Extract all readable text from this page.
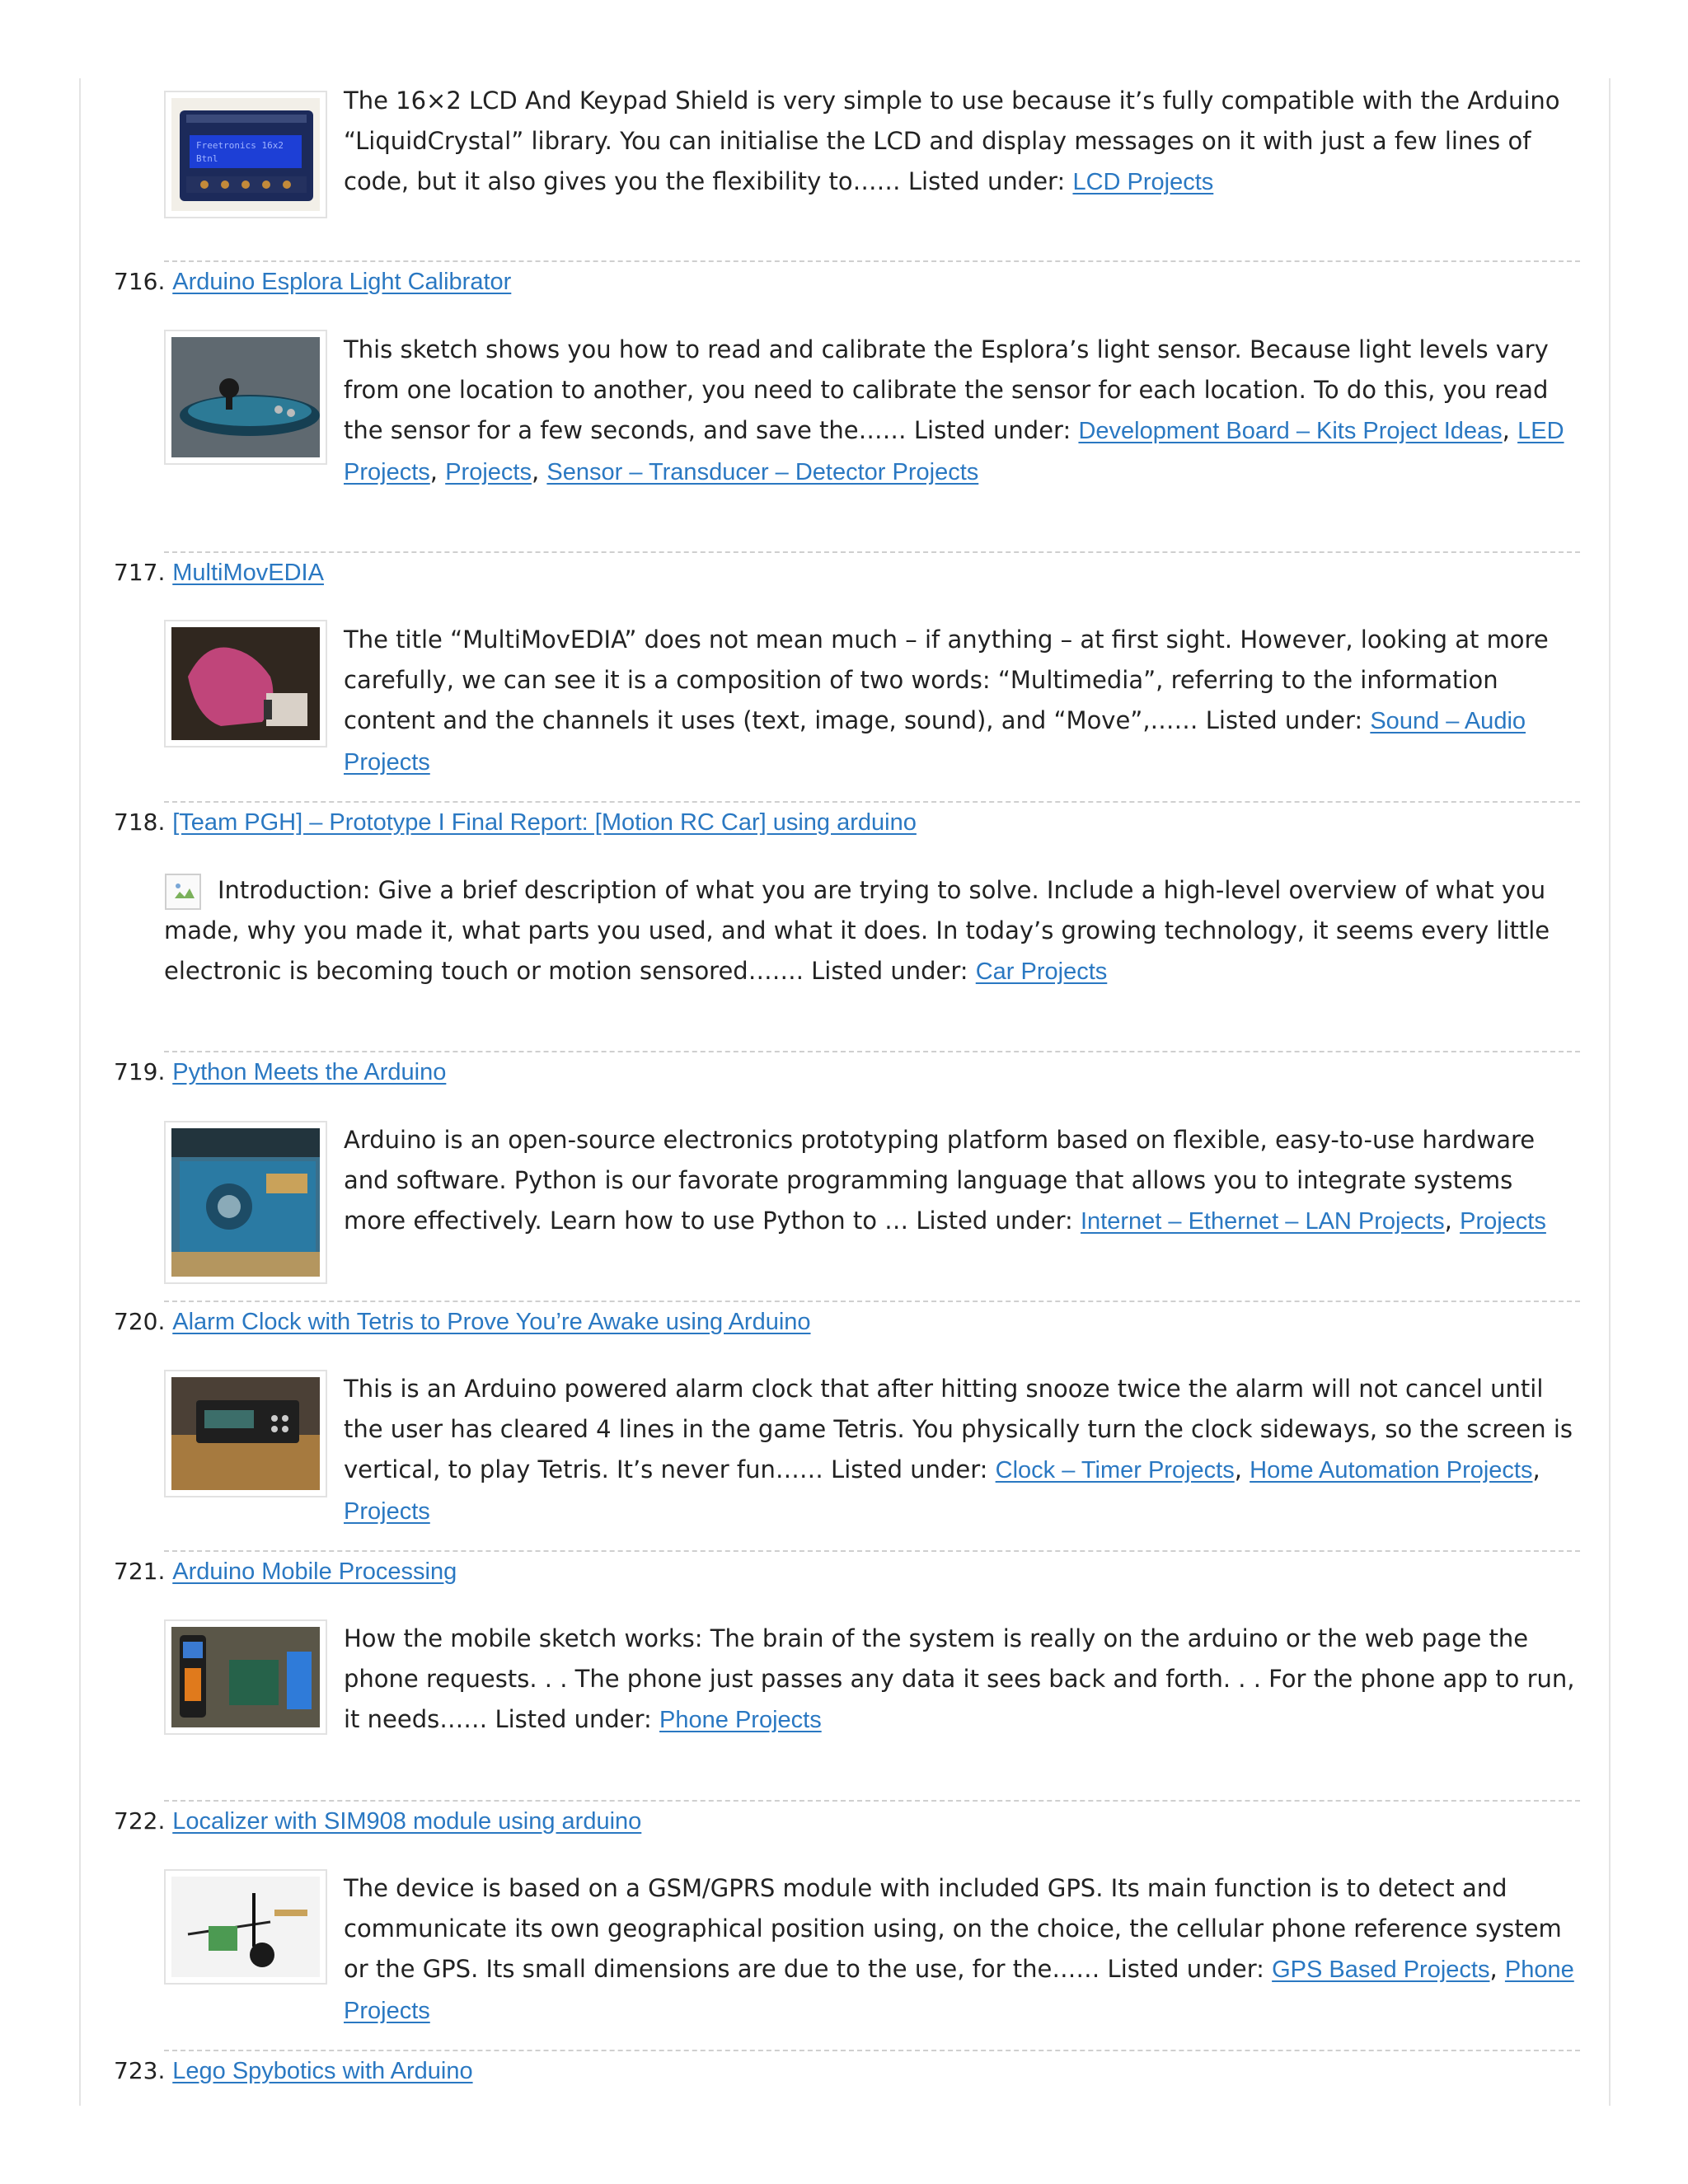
Freetronics 16x2
Btnl
The 16×2 LCD And Keypad Shield is very simple to use because it’s fully compatible with the Arduino “LiquidCrystal” library. You can initialise the LCD and display messages on it with just a few lines of code, but it also gives you the flexibility to…… Listed under: LCD Projects
716. Arduino Esplora Light Calibrator
This sketch shows you how to read and calibrate the Esplora’s light sensor. Because light levels vary from one location to another, you need to calibrate the sensor for each location. To do this, you read the sensor for a few seconds, and save the…… Listed under: Development Board – Kits Project Ideas, LED Projects, Projects, Sensor – Transducer – Detector Projects
717. MultiMovEDIA
The title “MultiMovEDIA” does not mean much – if anything – at first sight. However, looking at more carefully, we can see it is a composition of two words: “Multimedia”, referring to the information content and the channels it uses (text, image, sound), and “Move”,…… Listed under: Sound – Audio Projects
718. [Team PGH] – Prototype I Final Report: [Motion RC Car] using arduino
Introduction: Give a brief description of what you are trying to solve. Include a high-level overview of what you made, why you made it, what parts you used, and what it does. In today’s growing technology, it seems every little electronic is becoming touch or motion sensored……. Listed under: Car Projects
719. Python Meets the Arduino
Arduino is an open-source electronics prototyping platform based on flexible, easy-to-use hardware and software. Python is our favorate programming language that allows you to integrate systems more effectively. Learn how to use Python to … Listed under: Internet – Ethernet – LAN Projects, Projects
720. Alarm Clock with Tetris to Prove You’re Awake using Arduino
This is an Arduino powered alarm clock that after hitting snooze twice the alarm will not cancel until the user has cleared 4 lines in the game Tetris. You physically turn the clock sideways, so the screen is vertical, to play Tetris. It’s never fun…… Listed under: Clock – Timer Projects, Home Automation Projects, Projects
721. Arduino Mobile Processing
How the mobile sketch works: The brain of the system is really on the arduino or the web page the phone requests. . . The phone just passes any data it sees back and forth. . . For the phone app to run, it needs…… Listed under: Phone Projects
722. Localizer with SIM908 module using arduino
The device is based on a GSM/GPRS module with included GPS. Its main function is to detect and communicate its own geographical position using, on the choice, the cellular phone reference system or the GPS. Its small dimensions are due to the use, for the…… Listed under: GPS Based Projects, Phone Projects
723. Lego Spybotics with Arduino
